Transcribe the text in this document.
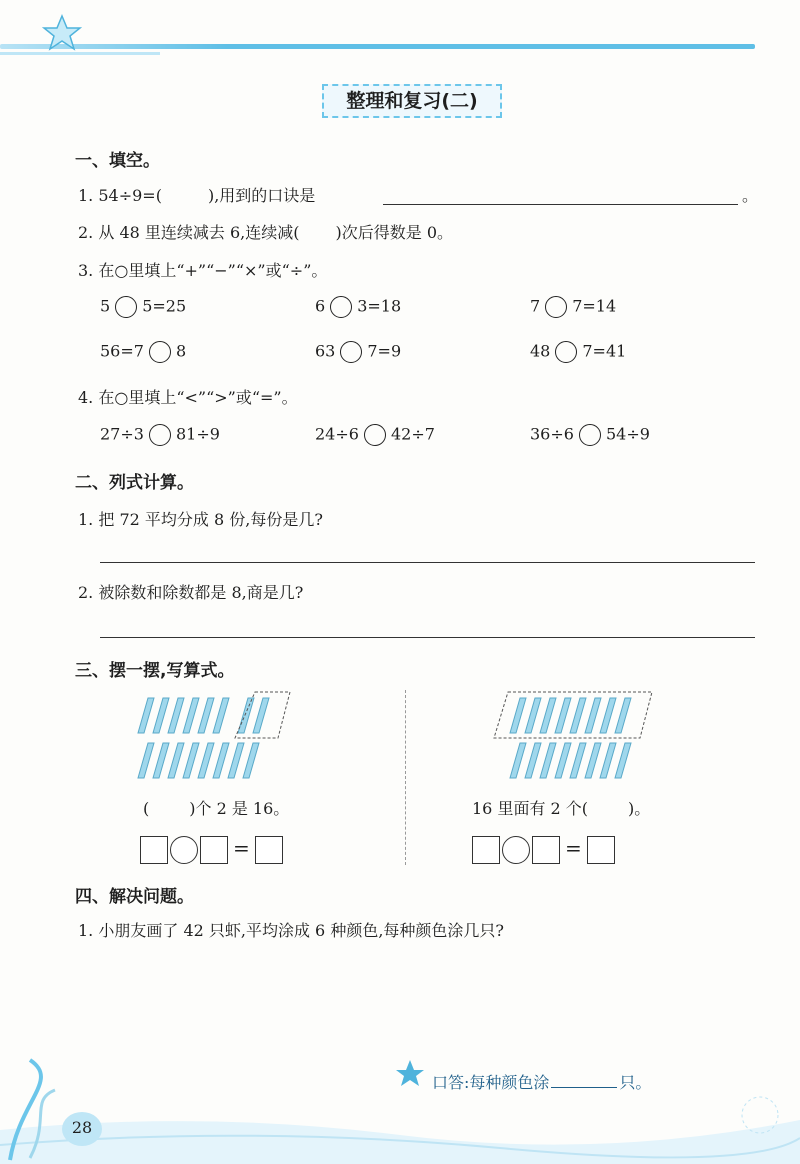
整理和复习(二)
一、填空。
1. 54÷9=(	),用到的口诀是	。
2. 从 48 里连续减去 6,连续减( )次后得数是 0。
3. 在○里填上“+”“−”“×”或“÷”。
5 5=25	6 3=18	7 7=14
56=7 8	63 7=9	48 7=41
4. 在○里填上“<”“>”或“=”。
27÷3 81÷9	24÷6 42÷7	36÷6 54÷9
二、列式计算。
1. 把 72 平均分成 8 份,每份是几?
2. 被除数和除数都是 8,商是几?
三、摆一摆,写算式。
(	)个 2 是 16。	16 里面有 2 个(	)。
=	=
四、解决问题。
1. 小朋友画了 42 只虾,平均涂成 6 种颜色,每种颜色涂几只?
口答:每种颜色涂	只。
28
